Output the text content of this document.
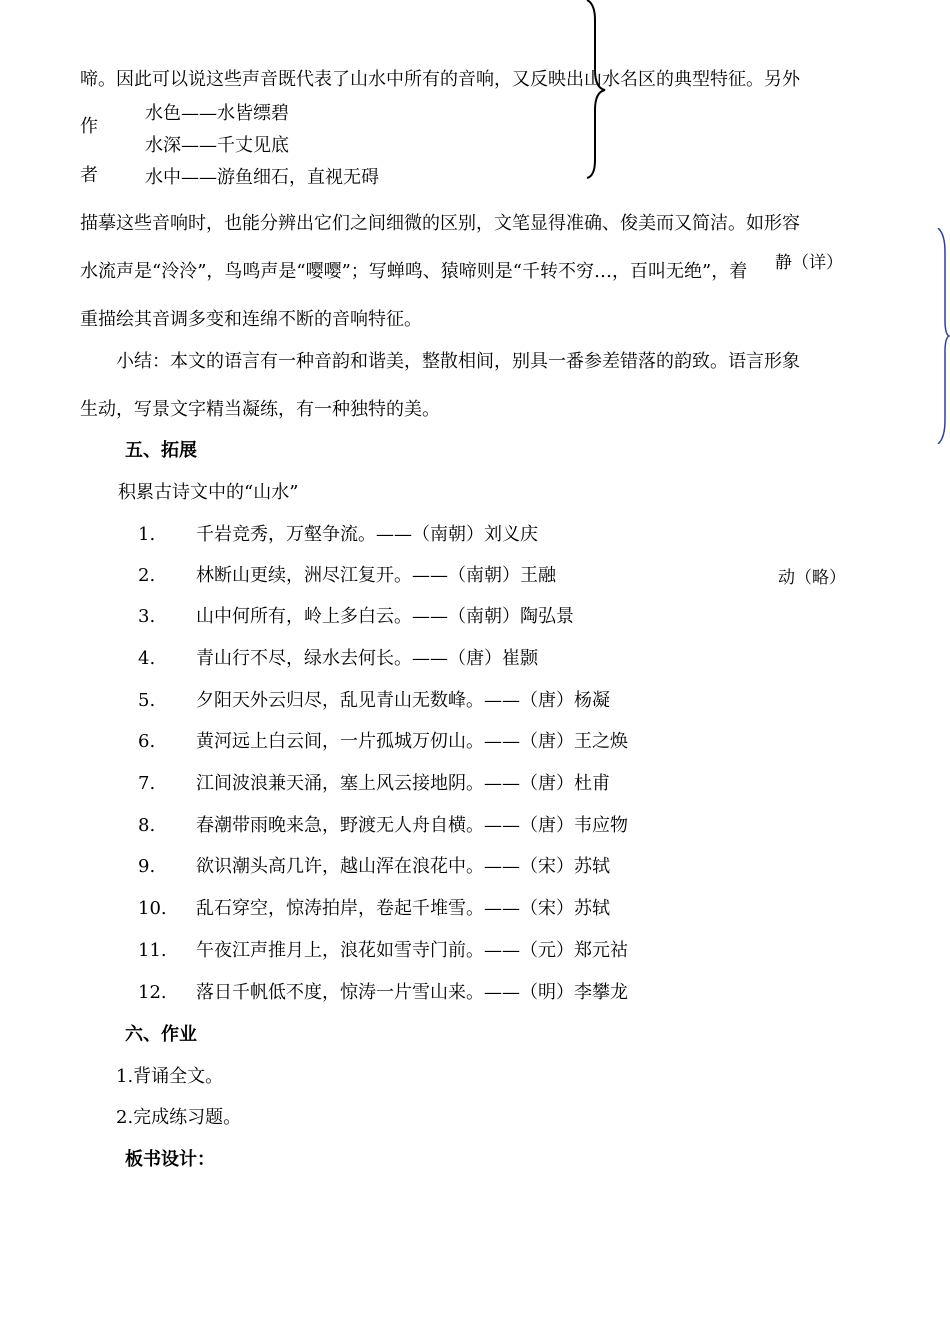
啼。因此可以说这些声音既代表了山水中所有的音响，又反映出山水名区的典型特征。另外
作
者
水色——水皆缥碧
水深——千丈见底
水中——游鱼细石，直视无碍
描摹这些音响时，也能分辨出它们之间细微的区别，文笔显得准确、俊美而又简洁。如形容
水流声是“泠泠”，鸟鸣声是“嘤嘤”；写蝉鸣、猿啼则是“千转不穷…，百叫无绝”，着
重描绘其音调多变和连绵不断的音响特征。
静（详）
动（略）
小结：本文的语言有一种音韵和谐美，整散相间，别具一番参差错落的韵致。语言形象
生动，写景文字精当凝练，有一种独特的美。
五、拓展
积累古诗文中的“山水”
1. 千岩竞秀，万壑争流。——（南朝）刘义庆
2. 林断山更续，洲尽江复开。——（南朝）王融
3. 山中何所有，岭上多白云。——（南朝）陶弘景
4. 青山行不尽，绿水去何长。——（唐）崔颢
5. 夕阳天外云归尽，乱见青山无数峰。——（唐）杨凝
6. 黄河远上白云间，一片孤城万仞山。——（唐）王之焕
7. 江间波浪兼天涌，塞上风云接地阴。——（唐）杜甫
8. 春潮带雨晚来急，野渡无人舟自横。——（唐）韦应物
9. 欲识潮头高几许，越山浑在浪花中。——（宋）苏轼
10. 乱石穿空，惊涛拍岸，卷起千堆雪。——（宋）苏轼
11. 午夜江声推月上，浪花如雪寺门前。——（元）郑元祜
12. 落日千帆低不度，惊涛一片雪山来。——（明）李攀龙
六、作业
1.背诵全文。
2.完成练习题。
板书设计：
